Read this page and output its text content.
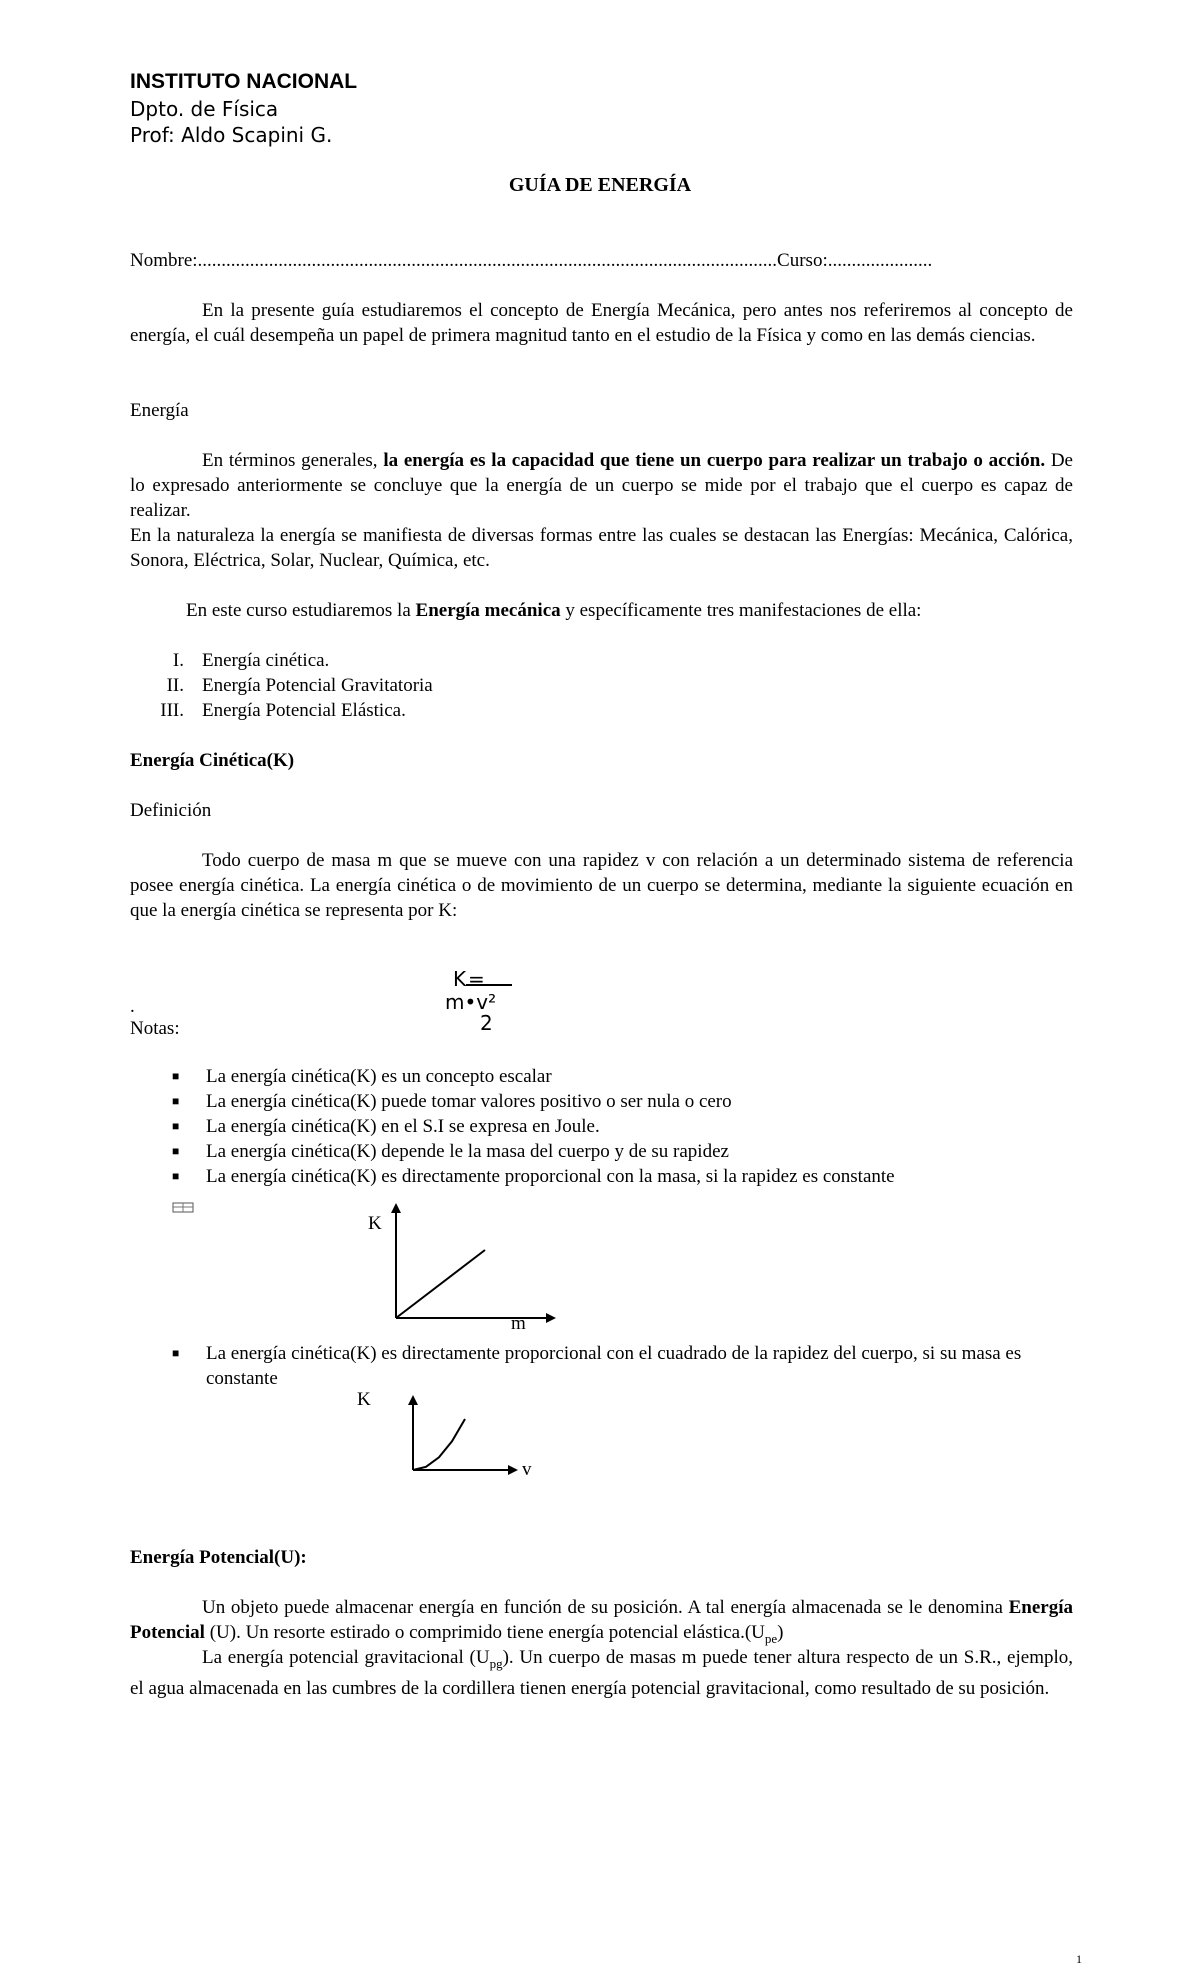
INSTITUTO NACIONAL
Dpto. de Física
Prof: Aldo Scapini G.
GUÍA DE ENERGÍA
Nombre:..........................................................................................................................Curso:......................
En la presente guía estudiaremos el concepto de Energía Mecánica, pero antes nos referiremos al concepto de energía, el cuál desempeña un papel de primera magnitud tanto en el estudio de la Física y como en las demás ciencias.
Energía
En términos generales, la energía es la capacidad que tiene un cuerpo para realizar un trabajo o acción. De lo expresado anteriormente se concluye que la energía de un cuerpo se mide por el trabajo que el cuerpo es capaz de realizar.
En la naturaleza la energía se manifiesta de diversas formas entre las cuales se destacan las Energías: Mecánica, Calórica, Sonora, Eléctrica, Solar, Nuclear, Química, etc.
En este curso estudiaremos la Energía mecánica y específicamente tres manifestaciones de ella:
I. Energía cinética.
II. Energía Potencial Gravitatoria
III. Energía Potencial Elástica.
Energía Cinética(K)
Definición
Todo cuerpo de masa m que se mueve con una rapidez v con relación a un determinado sistema de referencia posee energía cinética. La energía cinética o de movimiento de un cuerpo se determina, mediante la siguiente ecuación en que la energía cinética se representa por K:
K =
m•v²
2
.
Notas:
■ La energía cinética(K) es un concepto escalar
■ La energía cinética(K) puede tomar valores positivo o ser nula o cero
■ La energía cinética(K) en el S.I se expresa en Joule.
■ La energía cinética(K) depende le la masa del cuerpo y de su rapidez
■ La energía cinética(K) es directamente proporcional con la masa, si la rapidez es constante
K
m
■ La energía cinética(K) es directamente proporcional con el cuadrado de la rapidez del cuerpo, si su masa es constante
K
v
Energía Potencial(U):
Un objeto puede almacenar energía en función de su posición. A tal energía almacenada se le denomina Energía Potencial (U). Un resorte estirado o comprimido tiene energía potencial $elástica.(U_{pe})$
La energía potencial gravitacional $(U_{pg})$. Un cuerpo de masas m puede tener altura respecto de un S.R., ejemplo, el agua almacenada en las cumbres de la cordillera tienen energía potencial gravitacional, como resultado de su posición.
1
